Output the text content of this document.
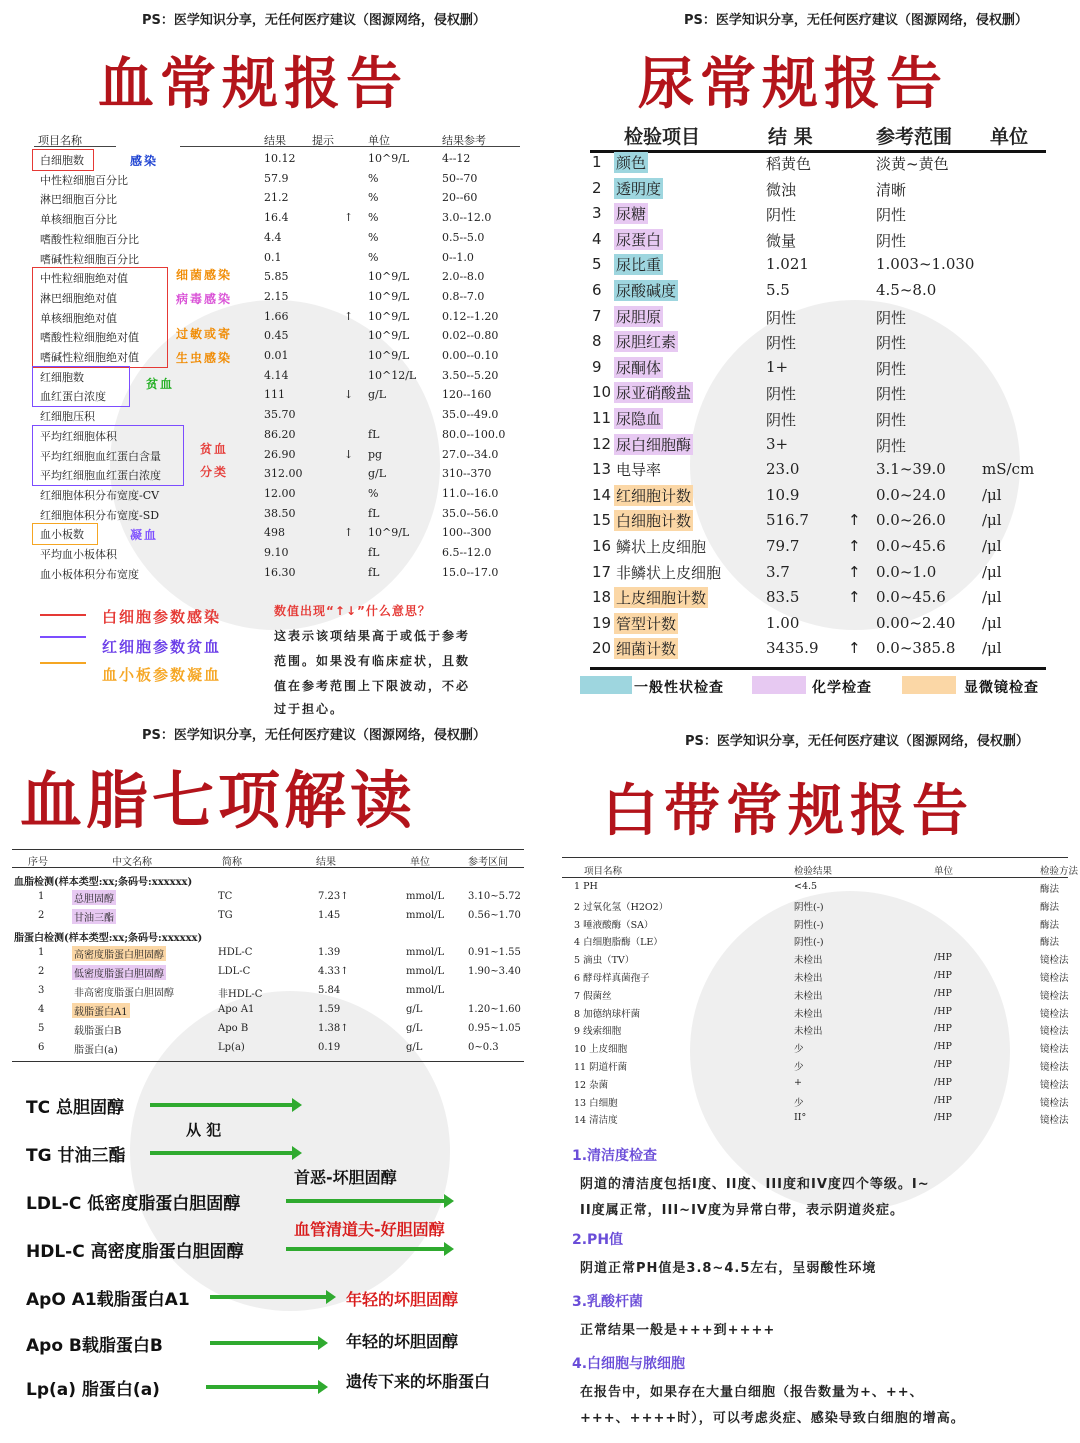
PS：医学知识分享，无任何医疗建议（图源网络，侵权删）
血常规报告
项目名称	结果 提示	单位	结果参考
白细胞数	10.12	10^9/L	4--12
中性粒细胞百分比	57.9	%	50--70
淋巴细胞百分比	21.2	%	20--60
单核细胞百分比	16.4	↑ %	3.0--12.0
嗜酸性粒细胞百分比	4.4	%	0.5--5.0
嗜碱性粒细胞百分比	0.1	%	0--1.0
中性粒细胞绝对值	5.85	10^9/L	2.0--8.0
淋巴细胞绝对值	2.15	10^9/L	0.8--7.0
单核细胞绝对值	1.66	↑ 10^9/L	0.12--1.20
嗜酸性粒细胞绝对值	0.45	10^9/L	0.02--0.80
嗜碱性粒细胞绝对值	0.01	10^9/L	0.00--0.10
红细胞数	4.14	10^12/L 3.50--5.20
血红蛋白浓度	111	↓ g/L	120--160
红细胞压积	35.70	35.0--49.0
平均红细胞体积	86.20	fL	80.0--100.0
平均红细胞血红蛋白含量	26.90	↓ pg	27.0--34.0
平均红细胞血红蛋白浓度	312.00	g/L	310--370
红细胞体积分布宽度-CV	12.00	%	11.0--16.0
红细胞体积分布宽度-SD	38.50	fL	35.0--56.0
血小板数	498	↑ 10^9/L	100--300
平均血小板体积	9.10	fL	6.5--12.0
血小板体积分布宽度	16.30	fL	15.0--17.0
感染
细菌感染
病毒感染
过敏或寄
生虫感染
贫血
贫血
分类
凝血
白细胞参数感染
红细胞参数贫血
血小板参数凝血
数值出现“↑↓”什么意思？
这表示该项结果高于或低于参考
范围。如果没有临床症状，且数
值在参考范围上下限波动，不必
过于担心。
PS：医学知识分享，无任何医疗建议（图源网络，侵权删）
尿常规报告
检验项目	结 果	参考范围 单位
1 颜色	稻黄色	淡黄~黄色
2 透明度	微浊	清晰
3 尿糖	阴性	阴性
4 尿蛋白	微量	阴性
5 尿比重	1.021	1.003~1.030
6 尿酸碱度	5.5	4.5~8.0
7 尿胆原	阴性	阴性
8 尿胆红素	阴性	阴性
9 尿酮体	1+	阴性
10 尿亚硝酸盐	阴性	阴性
11 尿隐血	阴性	阴性
12 尿白细胞酶	3+	阴性
13 电导率	23.0	3.1~39.0 mS/cm
14 红细胞计数	10.9	0.0~24.0 /μl
15 白细胞计数	516.7	↑ 0.0~26.0 /μl
16 鳞状上皮细胞	79.7	↑ 0.0~45.6 /μl
17 非鳞状上皮细胞	3.7	↑ 0.0~1.0	/μl
18 上皮细胞计数	83.5	↑ 0.0~45.6 /μl
19 管型计数	1.00	0.00~2.40 /μl
20 细菌计数	3435.9 ↑ 0.0~385.8 /μl
一般性状检查	化学检查	显微镜检查
PS：医学知识分享，无任何医疗建议（图源网络，侵权删）
血脂七项解读
序号	中文名称	简称	结果	单位	参考区间
血脂检测(样本类型:xx;条码号:xxxxxx)
1	总胆固醇	TC	7.23↑	mmol/L 3.10~5.72
2	甘油三酯	TG	1.45	mmol/L 0.56~1.70
脂蛋白检测(样本类型:xx;条码号:xxxxxx)
1	高密度脂蛋白胆固醇	HDL-C	1.39	mmol/L 0.91~1.55
2	低密度脂蛋白胆固醇	LDL-C	4.33↑	mmol/L 1.90~3.40
3	非高密度脂蛋白胆固醇	非HDL-C	5.84	mmol/L
4	载脂蛋白A1	Apo A1	1.59	g/L	1.20~1.60
5	载脂蛋白B	Apo B	1.38↑	g/L	0.95~1.05
6	脂蛋白(a)	Lp(a)	0.19	g/L	0~0.3
TC 总胆固醇
TG 甘油三酯
LDL-C 低密度脂蛋白胆固醇
HDL-C 高密度脂蛋白胆固醇
ApO A1载脂蛋白A1
Apo B载脂蛋白B
Lp(a) 脂蛋白(a)
从 犯
首恶-坏胆固醇
血管清道夫-好胆固醇
年轻的坏胆固醇
年轻的坏胆固醇
遗传下来的坏脂蛋白
PS：医学知识分享，无任何医疗建议（图源网络，侵权删）
白带常规报告
项目名称	检验结果	单位	检验方法
1 PH	<4.5	酶法
2 过氧化氢（H2O2）	阴性(-)	酶法
3 唾液酸酶（SA）	阴性(-)	酶法
4 白细胞脂酶（LE）	阴性(-)	酶法
5 滴虫（TV）	未检出	/HP	镜检法
6 酵母样真菌孢子	未检出	/HP	镜检法
7 假菌丝	未检出	/HP	镜检法
8 加德纳球杆菌	未检出	/HP	镜检法
9 线索细胞	未检出	/HP	镜检法
10 上皮细胞	少	/HP	镜检法
11 阴道杆菌	少	/HP	镜检法
12 杂菌	+	/HP	镜检法
13 白细胞	少	/HP	镜检法
14 清洁度	II°	/HP	镜检法
1.清洁度检查
阴道的清洁度包括I度、II度、III度和IV度四个等级。I~
II度属正常，III~IV度为异常白带，表示阴道炎症。
2.PH值
阴道正常PH值是3.8~4.5左右，呈弱酸性环境
3.乳酸杆菌
正常结果一般是+++到++++
4.白细胞与脓细胞
在报告中，如果存在大量白细胞（报告数量为+、++、
+++、++++时），可以考虑炎症、感染导致白细胞的增高。
